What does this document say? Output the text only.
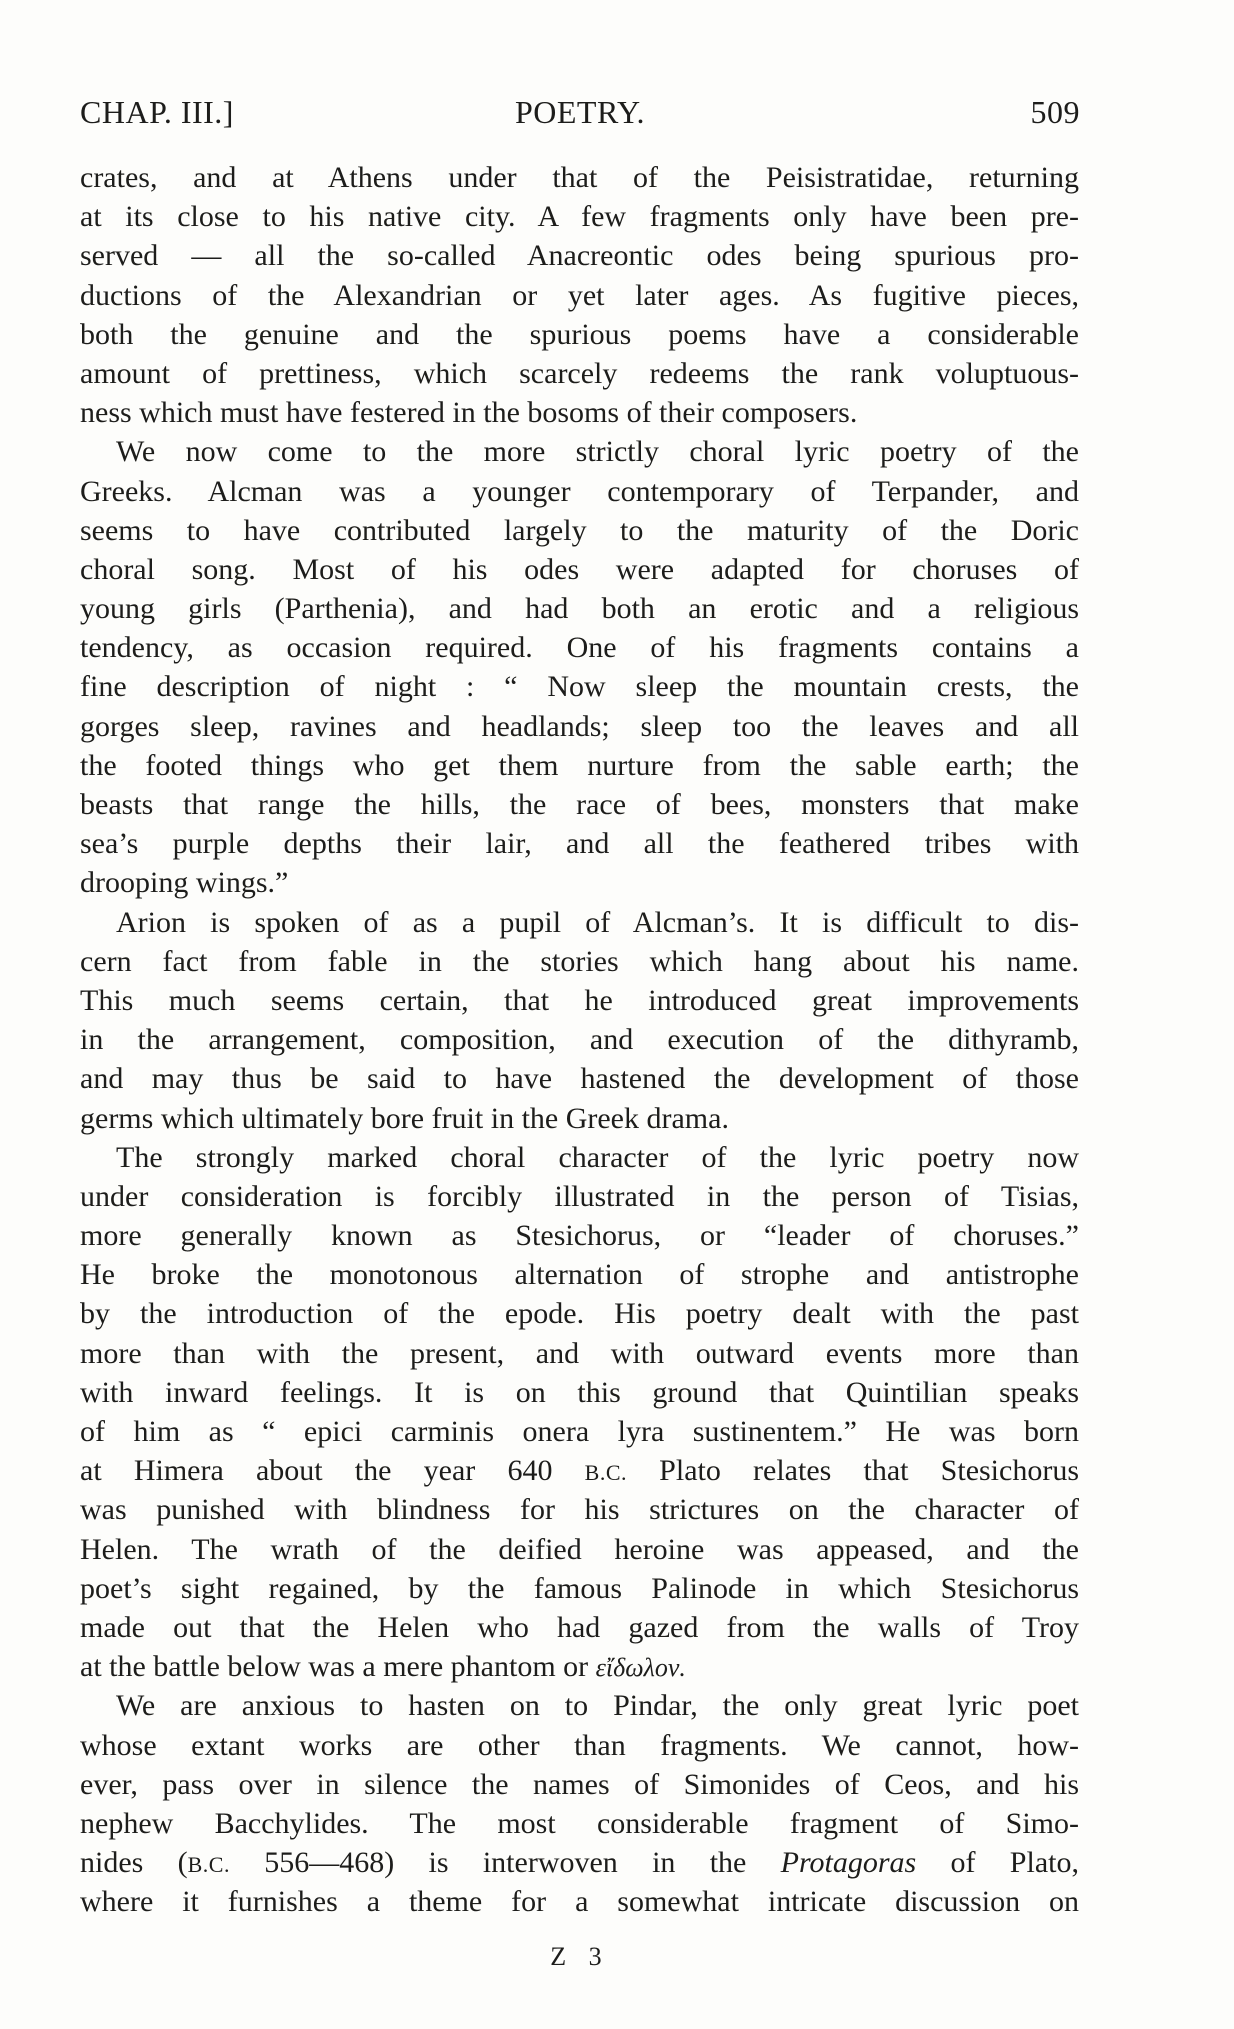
CHAP. III.]	POETRY.	509
crates, and at Athens under that of the Peisistratidae, returning
at its close to his native city. A few fragments only have been pre-
served — all the so-called Anacreontic odes being spurious pro-
ductions of the Alexandrian or yet later ages. As fugitive pieces,
both the genuine and the spurious poems have a considerable
amount of prettiness, which scarcely redeems the rank voluptuous-
ness which must have festered in the bosoms of their composers.
We now come to the more strictly choral lyric poetry of the
Greeks. Alcman was a younger contemporary of Terpander, and
seems to have contributed largely to the maturity of the Doric
choral song. Most of his odes were adapted for choruses of
young girls (Parthenia), and had both an erotic and a religious
tendency, as occasion required. One of his fragments contains a
fine description of night : “ Now sleep the mountain crests, the
gorges sleep, ravines and headlands; sleep too the leaves and all
the footed things who get them nurture from the sable earth; the
beasts that range the hills, the race of bees, monsters that make
sea’s purple depths their lair, and all the feathered tribes with
drooping wings.”
Arion is spoken of as a pupil of Alcman’s. It is difficult to dis-
cern fact from fable in the stories which hang about his name.
This much seems certain, that he introduced great improvements
in the arrangement, composition, and execution of the dithyramb,
and may thus be said to have hastened the development of those
germs which ultimately bore fruit in the Greek drama.
The strongly marked choral character of the lyric poetry now
under consideration is forcibly illustrated in the person of Tisias,
more generally known as Stesichorus, or “leader of choruses.”
He broke the monotonous alternation of strophe and antistrophe
by the introduction of the epode. His poetry dealt with the past
more than with the present, and with outward events more than
with inward feelings. It is on this ground that Quintilian speaks
of him as “ epici carminis onera lyra sustinentem.” He was born
at Himera about the year 640 B.C. Plato relates that Stesichorus
was punished with blindness for his strictures on the character of
Helen. The wrath of the deified heroine was appeased, and the
poet’s sight regained, by the famous Palinode in which Stesichorus
made out that the Helen who had gazed from the walls of Troy
at the battle below was a mere phantom or εἴδωλον.
We are anxious to hasten on to Pindar, the only great lyric poet
whose extant works are other than fragments. We cannot, how-
ever, pass over in silence the names of Simonides of Ceos, and his
nephew Bacchylides. The most considerable fragment of Simo-
nides (B.C. 556—468) is interwoven in the Protagoras of Plato,
where it furnishes a theme for a somewhat intricate discussion on
Z 3
